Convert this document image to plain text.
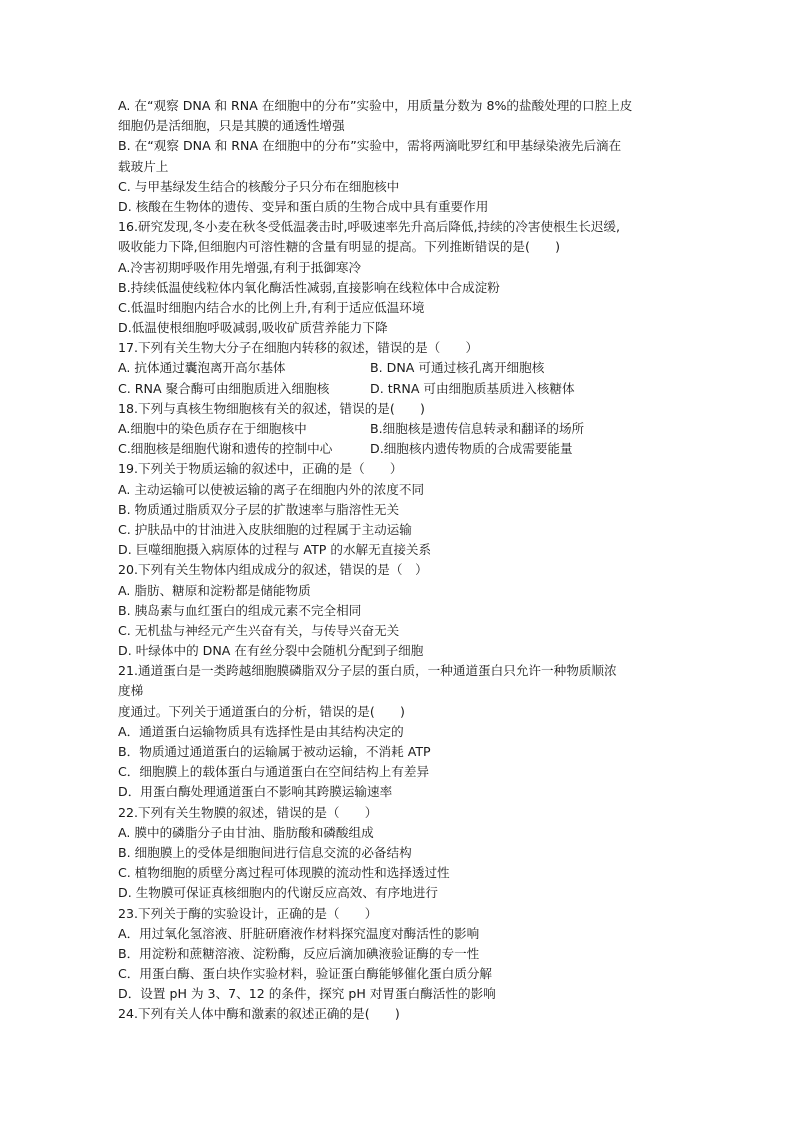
A. 在“观察 DNA 和 RNA 在细胞中的分布”实验中，用质量分数为 8%的盐酸处理的口腔上皮
细胞仍是活细胞，只是其膜的通透性增强
B. 在“观察 DNA 和 RNA 在细胞中的分布”实验中，需将两滴吡罗红和甲基绿染液先后滴在
载玻片上
C. 与甲基绿发生结合的核酸分子只分布在细胞核中
D. 核酸在生物体的遗传、变异和蛋白质的生物合成中具有重要作用
16.研究发现,冬小麦在秋冬受低温袭击时,呼吸速率先升高后降低,持续的冷害使根生长迟缓,
吸收能力下降,但细胞内可溶性糖的含量有明显的提高。下列推断错误的是(　　)
A.冷害初期呼吸作用先增强,有利于抵御寒冷
B.持续低温使线粒体内氧化酶活性减弱,直接影响在线粒体中合成淀粉
C.低温时细胞内结合水的比例上升,有利于适应低温环境
D.低温使根细胞呼吸减弱,吸收矿质营养能力下降
17.下列有关生物大分子在细胞内转移的叙述，错误的是（　　）
A. 抗体通过囊泡离开高尔基体	B. DNA 可通过核孔离开细胞核
C. RNA 聚合酶可由细胞质进入细胞核	D. tRNA 可由细胞质基质进入核糖体
18.下列与真核生物细胞核有关的叙述，错误的是(　　)
A.细胞中的染色质存在于细胞核中	B.细胞核是遗传信息转录和翻译的场所
C.细胞核是细胞代谢和遗传的控制中心	D.细胞核内遗传物质的合成需要能量
19.下列关于物质运输的叙述中，正确的是（　　）
A. 主动运输可以使被运输的离子在细胞内外的浓度不同
B. 物质通过脂质双分子层的扩散速率与脂溶性无关
C. 护肤品中的甘油进入皮肤细胞的过程属于主动运输
D. 巨噬细胞摄入病原体的过程与 ATP 的水解无直接关系
20.下列有关生物体内组成成分的叙述，错误的是（　）
A. 脂肪、糖原和淀粉都是储能物质
B. 胰岛素与血红蛋白的组成元素不完全相同
C. 无机盐与神经元产生兴奋有关，与传导兴奋无关
D. 叶绿体中的 DNA 在有丝分裂中会随机分配到子细胞
21.通道蛋白是一类跨越细胞膜磷脂双分子层的蛋白质，一种通道蛋白只允许一种物质顺浓
度梯
度通过。下列关于通道蛋白的分析，错误的是(　　)
A．通道蛋白运输物质具有选择性是由其结构决定的
B．物质通过通道蛋白的运输属于被动运输，不消耗 ATP
C．细胞膜上的载体蛋白与通道蛋白在空间结构上有差异
D．用蛋白酶处理通道蛋白不影响其跨膜运输速率
22.下列有关生物膜的叙述，错误的是（　　）
A. 膜中的磷脂分子由甘油、脂肪酸和磷酸组成
B. 细胞膜上的受体是细胞间进行信息交流的必备结构
C. 植物细胞的质壁分离过程可体现膜的流动性和选择透过性
D. 生物膜可保证真核细胞内的代谢反应高效、有序地进行
23.下列关于酶的实验设计，正确的是（　　）
A．用过氧化氢溶液、肝脏研磨液作材料探究温度对酶活性的影响
B．用淀粉和蔗糖溶液、淀粉酶，反应后滴加碘液验证酶的专一性
C．用蛋白酶、蛋白块作实验材料，验证蛋白酶能够催化蛋白质分解
D．设置 pH 为 3、7、12 的条件，探究 pH 对胃蛋白酶活性的影响
24.下列有关人体中酶和激素的叙述正确的是(　　)
